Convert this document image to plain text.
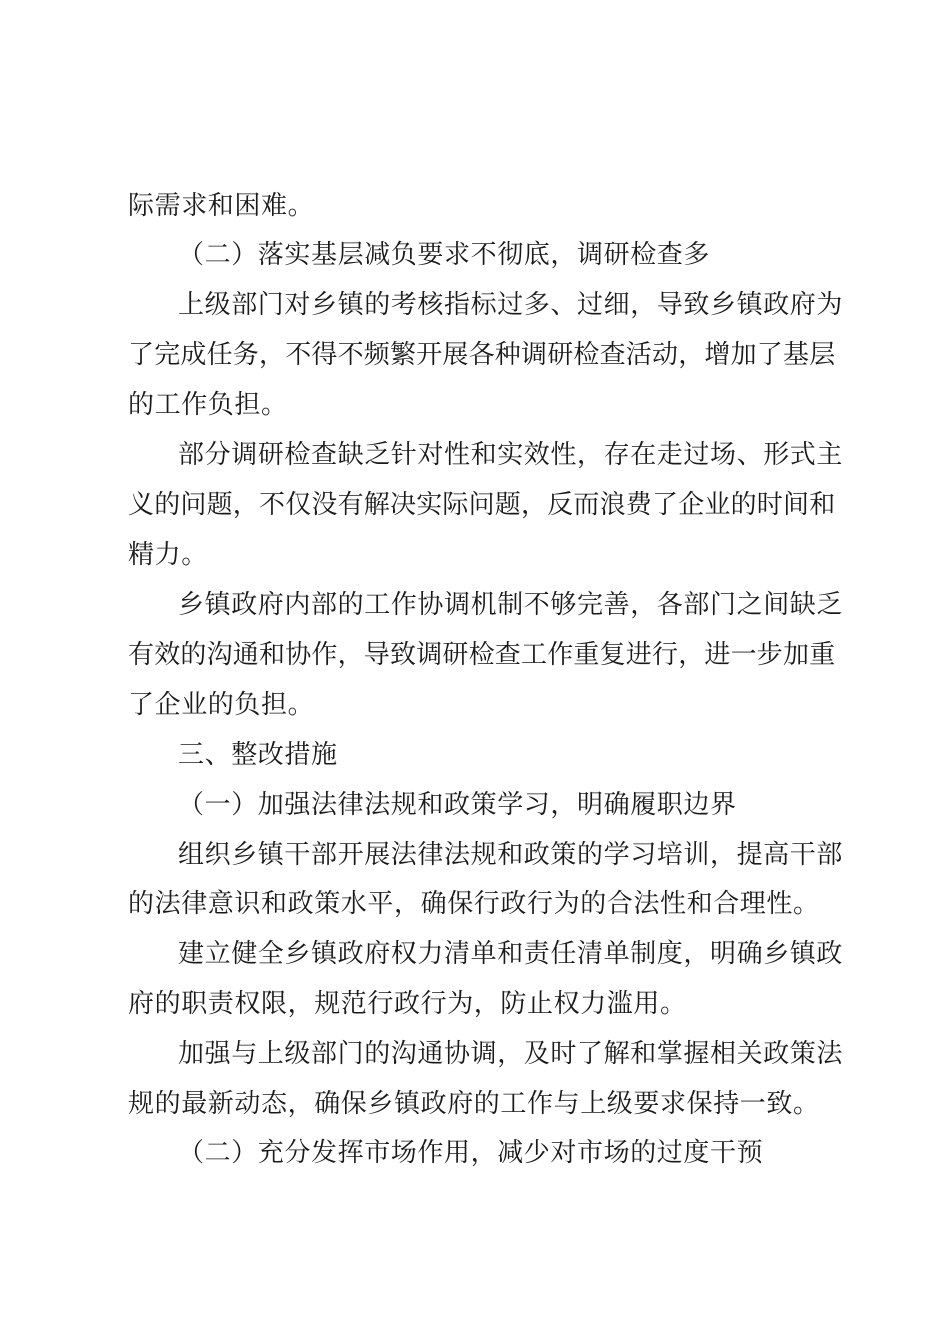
际需求和困难。
（二）落实基层减负要求不彻底，调研检查多
上级部门对乡镇的考核指标过多、过细，导致乡镇政府为
了完成任务，不得不频繁开展各种调研检查活动，增加了基层
的工作负担。
部分调研检查缺乏针对性和实效性，存在走过场、形式主
义的问题，不仅没有解决实际问题，反而浪费了企业的时间和
精力。
乡镇政府内部的工作协调机制不够完善，各部门之间缺乏
有效的沟通和协作，导致调研检查工作重复进行，进一步加重
了企业的负担。
三、整改措施
（一）加强法律法规和政策学习，明确履职边界
组织乡镇干部开展法律法规和政策的学习培训，提高干部
的法律意识和政策水平，确保行政行为的合法性和合理性。
建立健全乡镇政府权力清单和责任清单制度，明确乡镇政
府的职责权限，规范行政行为，防止权力滥用。
加强与上级部门的沟通协调，及时了解和掌握相关政策法
规的最新动态，确保乡镇政府的工作与上级要求保持一致。
（二）充分发挥市场作用，减少对市场的过度干预
